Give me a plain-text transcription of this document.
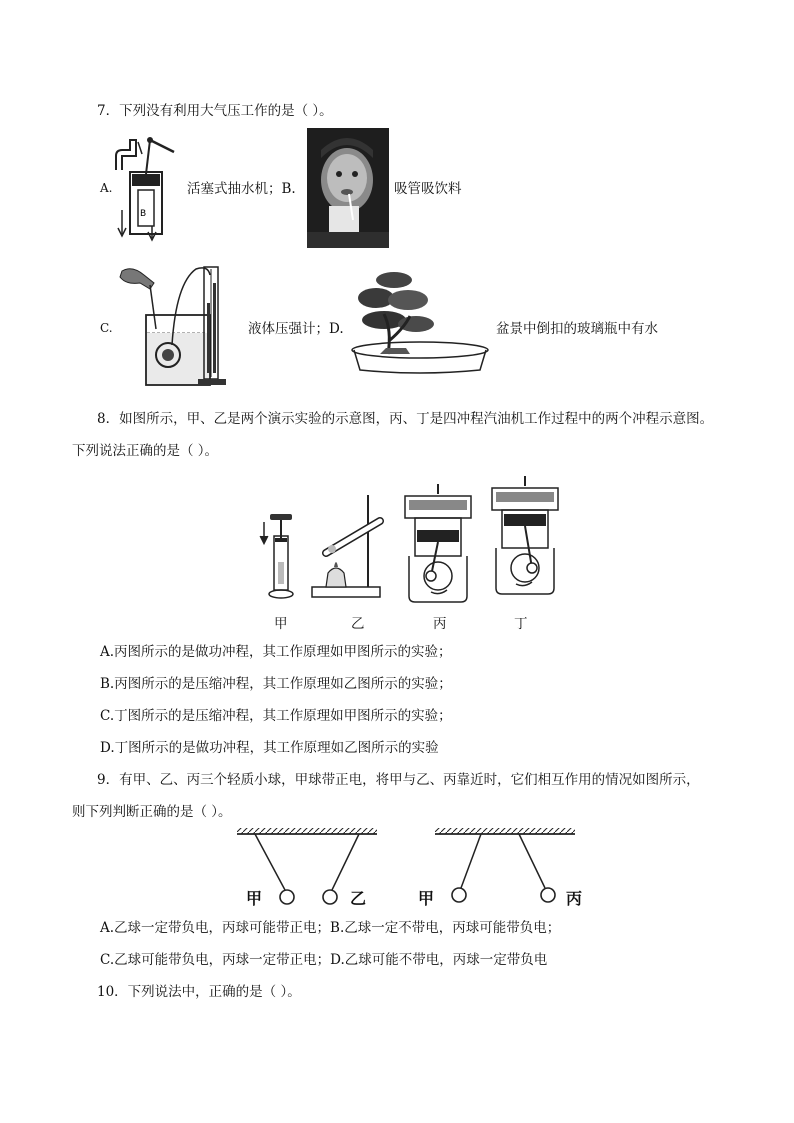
7．下列没有利用大气压工作的是（ ）。
A.
B
活塞式抽水机；B.	吸管吸饮料
C.	液体压强计；D.	盆景中倒扣的玻璃瓶中有水
8．如图所示，甲、乙是两个演示实验的示意图，丙、丁是四冲程汽油机工作过程中的两个冲程示意图。
下列说法正确的是（ ）。
甲	乙	丙	丁
A.丙图所示的是做功冲程，其工作原理如甲图所示的实验；
B.丙图所示的是压缩冲程，其工作原理如乙图所示的实验；
C.丁图所示的是压缩冲程，其工作原理如甲图所示的实验；
D.丁图所示的是做功冲程，其工作原理如乙图所示的实验
9．有甲、乙、丙三个轻质小球，甲球带正电，将甲与乙、丙靠近时，它们相互作用的情况如图所示，
则下列判断正确的是（ ）。
甲	乙	甲	丙
A.乙球一定带负电，丙球可能带正电；B.乙球一定不带电，丙球可能带负电；
C.乙球可能带负电，丙球一定带正电；D.乙球可能不带电，丙球一定带负电
10．下列说法中，正确的是（ ）。
